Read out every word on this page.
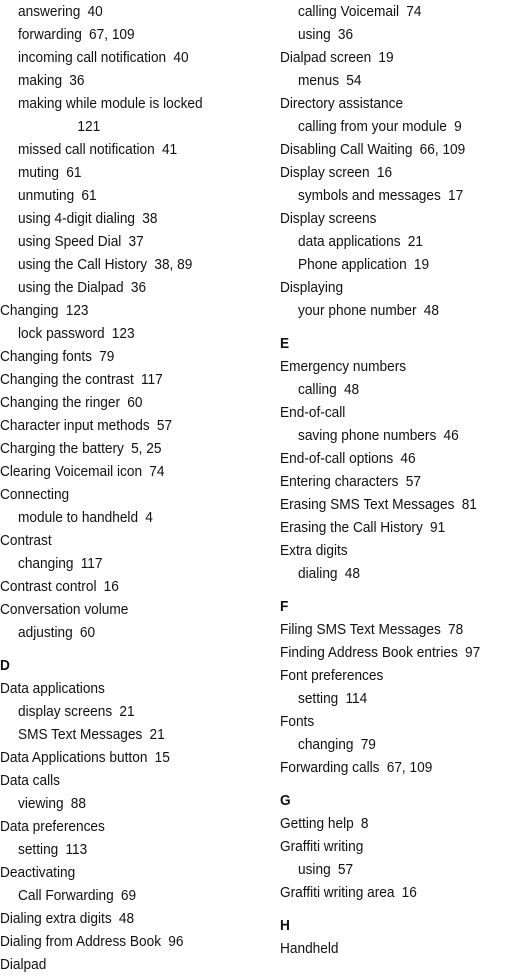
answering 40
forwarding 67, 109
incoming call notification 40
making 36
making while module is locked
121
missed call notification 41
muting 61
unmuting 61
using 4-digit dialing 38
using Speed Dial 37
using the Call History 38, 89
using the Dialpad 36
Changing 123
lock password 123
Changing fonts 79
Changing the contrast 117
Changing the ringer 60
Character input methods 57
Charging the battery 5, 25
Clearing Voicemail icon 74
Connecting
module to handheld 4
Contrast
changing 117
Contrast control 16
Conversation volume
adjusting 60
D
Data applications
display screens 21
SMS Text Messages 21
Data Applications button 15
Data calls
viewing 88
Data preferences
setting 113
Deactivating
Call Forwarding 69
Dialing extra digits 48
Dialing from Address Book 96
Dialpad
calling Voicemail 74
using 36
Dialpad screen 19
menus 54
Directory assistance
calling from your module 9
Disabling Call Waiting 66, 109
Display screen 16
symbols and messages 17
Display screens
data applications 21
Phone application 19
Displaying
your phone number 48
E
Emergency numbers
calling 48
End-of-call
saving phone numbers 46
End-of-call options 46
Entering characters 57
Erasing SMS Text Messages 81
Erasing the Call History 91
Extra digits
dialing 48
F
Filing SMS Text Messages 78
Finding Address Book entries 97
Font preferences
setting 114
Fonts
changing 79
Forwarding calls 67, 109
G
Getting help 8
Graffiti writing
using 57
Graffiti writing area 16
H
Handheld
